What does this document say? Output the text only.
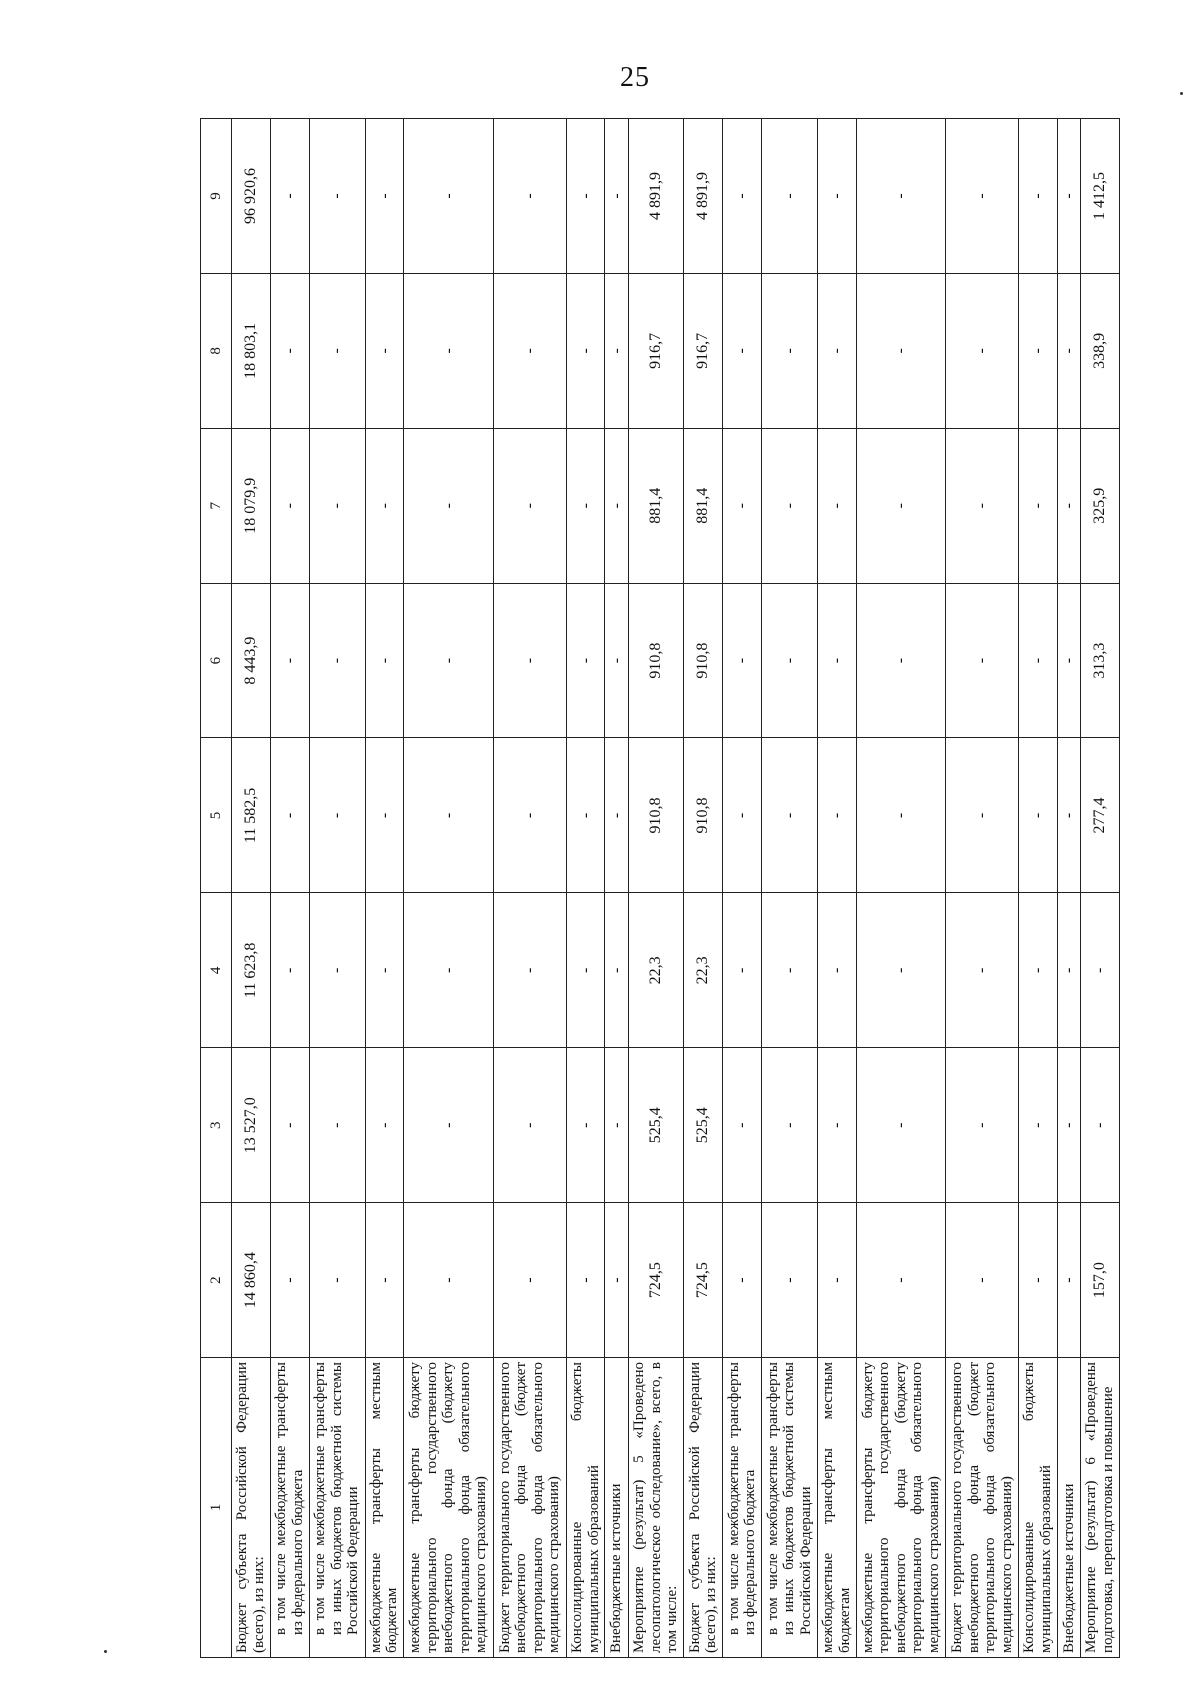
25
1	2	3	4	5	6	7	8	9
Бюджет субъекта Российской Федерации (всего), из них:	14 860,4	13 527,0	11 623,8	11 582,5	8 443,9	18 079,9	18 803,1	96 920,6
в том числе межбюджетные трансферты из федерального бюджета	-	-	-	-	-	-	-	-
в том числе межбюджетные трансферты из иных бюджетов бюджетной системы Российской Федерации	-	-	-	-	-	-	-	-
межбюджетные трансферты местным бюджетам	-	-	-	-	-	-	-	-
межбюджетные трансферты бюджету территориального государственного внебюджетного фонда (бюджету территориального фонда обязательного медицинского страхования)	-	-	-	-	-	-	-	-
Бюджет территориального государственного внебюджетного фонда (бюджет территориального фонда обязательного медицинского страхования)	-	-	-	-	-	-	-	-
Консолидированные бюджеты муниципальных образований	-	-	-	-	-	-	-	-
Внебюджетные источники	-	-	-	-	-	-	-	-
Мероприятие (результат) 5 «Проведено лесопатологическое обследование», всего, в том числе:	724,5	525,4	22,3	910,8	910,8	881,4	916,7	4 891,9
Бюджет субъекта Российской Федерации (всего), из них:	724,5	525,4	22,3	910,8	910,8	881,4	916,7	4 891,9
в том числе межбюджетные трансферты из федерального бюджета	-	-	-	-	-	-	-	-
в том числе межбюджетные трансферты из иных бюджетов бюджетной системы Российской Федерации	-	-	-	-	-	-	-	-
межбюджетные трансферты местным бюджетам	-	-	-	-	-	-	-	-
межбюджетные трансферты бюджету территориального государственного внебюджетного фонда (бюджету территориального фонда обязательного медицинского страхования)	-	-	-	-	-	-	-	-
Бюджет территориального государственного внебюджетного фонда (бюджет территориального фонда обязательного медицинского страхования)	-	-	-	-	-	-	-	-
Консолидированные бюджеты муниципальных образований	-	-	-	-	-	-	-	-
Внебюджетные источники	-	-	-	-	-	-	-	-
Мероприятие (результат) 6 «Проведены подготовка, переподготовка и повышение	157,0	-	-	277,4	313,3	325,9	338,9	1 412,5
